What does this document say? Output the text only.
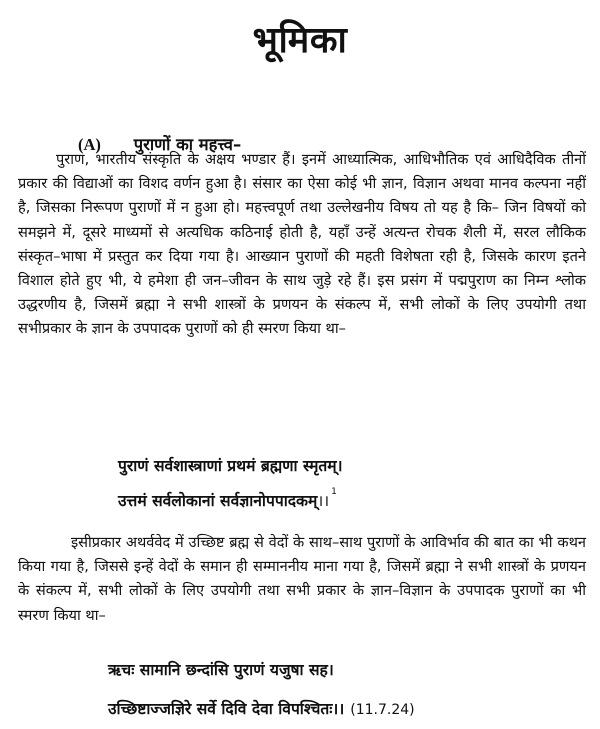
भूमिका
(A) पुराणों का महत्त्व–

पुराण, भारतीय संस्कृति के अक्षय भण्डार हैं। इनमें आध्यात्मिक, आधिभौतिक एवं आधिदैविक तीनों प्रकार की विद्याओं का विशद वर्णन हुआ है। संसार का ऐसा कोई भी ज्ञान, विज्ञान अथवा मानव कल्पना नहीं है, जिसका निरूपण पुराणों में न हुआ हो। महत्त्वपूर्ण तथा उल्लेखनीय विषय तो यह है कि– जिन विषयों को समझने में, दूसरे माध्यमों से अत्यधिक कठिनाई होती है, यहाँ उन्हें अत्यन्त रोचक शैली में, सरल लौकिक संस्कृत–भाषा में प्रस्तुत कर दिया गया है। आख्यान पुराणों की महती विशेषता रही है, जिसके कारण इतने विशाल होते हुए भी, ये हमेशा ही जन–जीवन के साथ जुड़े रहे हैं। इस प्रसंग में पद्मपुराण का निम्न श्लोक उद्धरणीय है, जिसमें ब्रह्मा ने सभी शास्त्रों के प्रणयन के संकल्प में, सभी लोकों के लिए उपयोगी तथा सभीप्रकार के ज्ञान के उपपादक पुराणों को ही स्मरण किया था–

पुराणं सर्वशास्त्राणां प्रथमं ब्रह्मणा स्मृतम्।
उत्तमं सर्वलोकानां सर्वज्ञानोपपादकम्।। $^1$

इसीप्रकार अथर्ववेद में उच्छिष्ट ब्रह्म से वेदों के साथ–साथ पुराणों के आविर्भाव की बात का भी कथन किया गया है, जिससे इन्हें वेदों के समान ही सम्माननीय माना गया है, जिसमें ब्रह्मा ने सभी शास्त्रों के प्रणयन के संकल्प में, सभी लोकों के लिए उपयोगी तथा सभी प्रकार के ज्ञान–विज्ञान के उपपादक पुराणों का भी स्मरण किया था–

ऋचः सामानि छन्दांसि पुराणं यजुषा सह।
उच्छिष्टाज्जज्ञिरे सर्वे दिवि देवा विपश्चितः।। (11.7.24)
